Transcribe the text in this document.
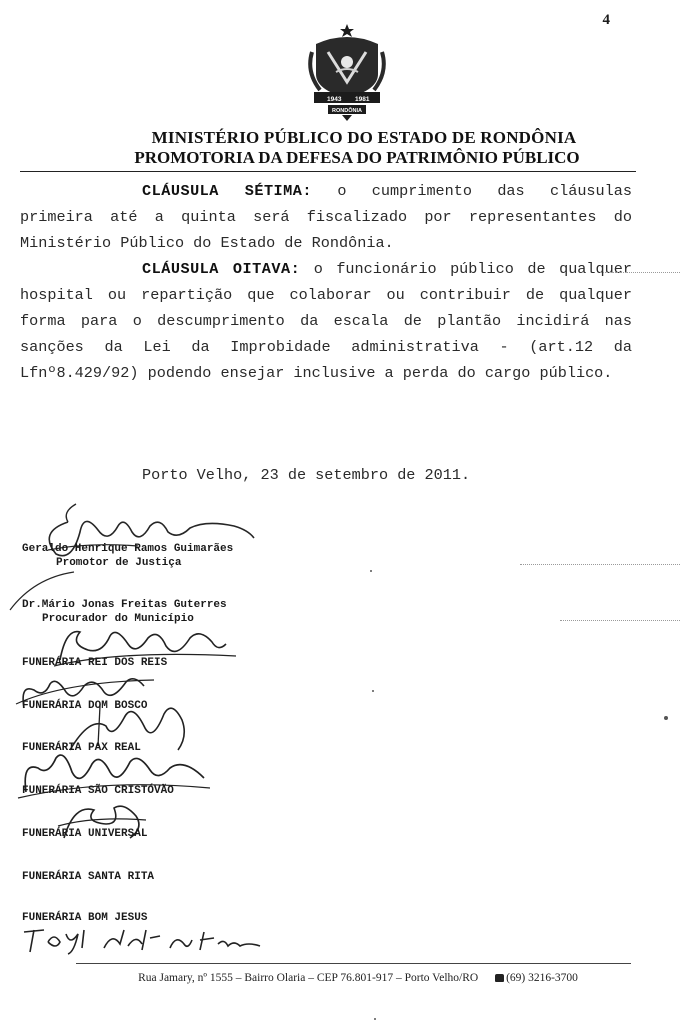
4
1943 1981
RONDÔNIA
MINISTÉRIO PÚBLICO DO ESTADO DE RONDÔNIA
PROMOTORIA DA DEFESA DO PATRIMÔNIO PÚBLICO

CLÁUSULA SÉTIMA: o cumprimento das cláusulas primeira até a quinta será fiscalizado por representantes do Ministério Público do Estado de Rondônia.

CLÁUSULA OITAVA: o funcionário público de qualquer hospital ou repartição que colaborar ou contribuir de qualquer forma para o descumprimento da escala de plantão incidirá nas sanções da Lei da Improbidade administrativa - (art.12 da Lfnº8.429/92) podendo ensejar inclusive a perda do cargo público.

Porto Velho, 23 de setembro de 2011.
Geraldo Henrique Ramos Guimarães
Promotor de Justiça
Dr.Mário Jonas Freitas Guterres
Procurador do Município
FUNERÁRIA REI DOS REIS
FUNERÁRIA DOM BOSCO
FUNERÁRIA PAX REAL
FUNERÁRIA SÃO CRISTÓVÃO
FUNERÁRIA UNIVERSAL
FUNERÁRIA SANTA RITA
FUNERÁRIA BOM JESUS
Rua Jamary, nº 1555 – Bairro Olaria – CEP 76.801-917 – Porto Velho/RO (69) 3216-3700
